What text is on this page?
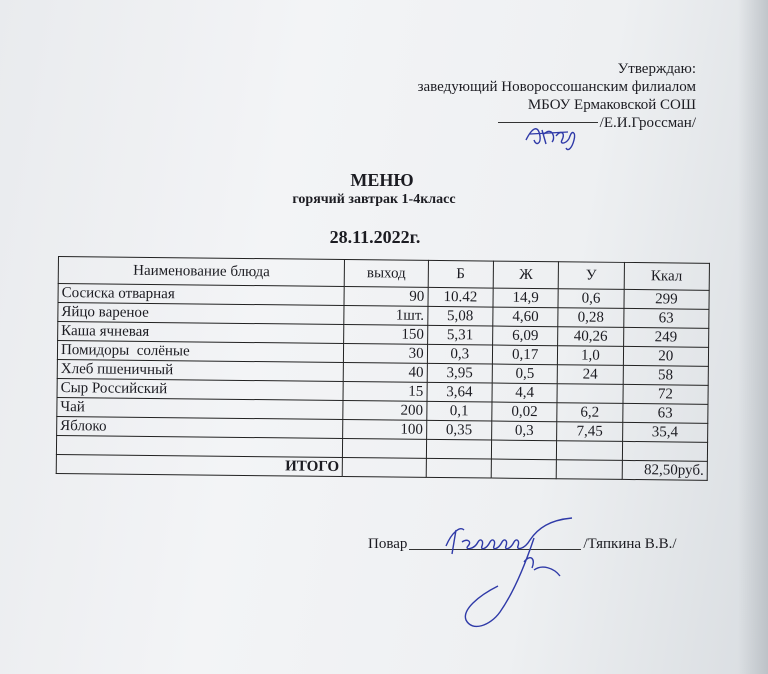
Утверждаю:
заведующий Новороссошанским филиалом
МБОУ Ермаковской СОШ
/Е.И.Гроссман/
МЕНЮ
горячий завтрак 1-4класс
28.11.2022г.
Наименование блюда	выход	Б	Ж	У	Ккал
Сосиска отварная	90	10.42	14,9	0,6	299
Яйцо вареное	1шт.	5,08	4,60	0,28	63
Каша ячневая	150	5,31	6,09	40,26	249
Помидоры  солёные	30	0,3	0,17	1,0	20
Хлеб пшеничный	40	3,95	0,5	24	58
Сыр Российский	15	3,64	4,4		72
Чай	200	0,1	0,02	6,2	63
Яблоко	100	0,35	0,3	7,45	35,4

ИТОГО					82,50руб.
Повар	/Тяпкина В.В./
